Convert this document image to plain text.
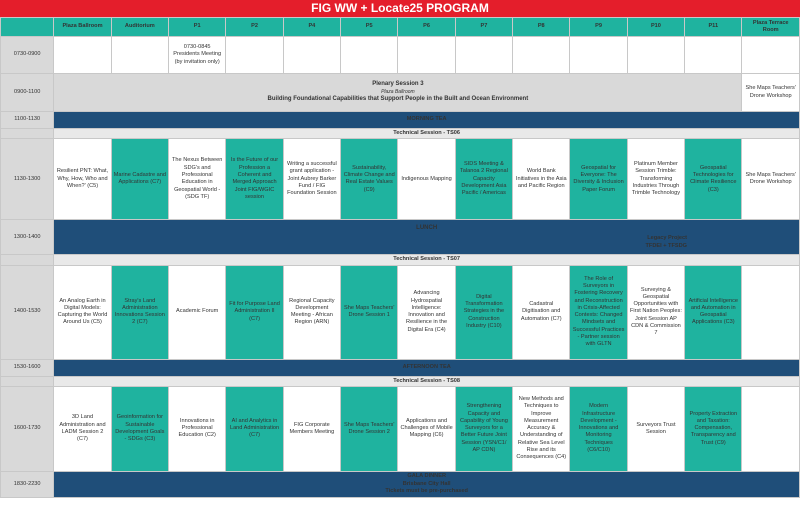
FIG WW + Locate25 PROGRAM
	Plaza Ballroom	Auditorium	P1	P2	P4	P5	P6	P7	P8	P9	P10	P11	Plaza Terrace Room
0730-0900			0730-0845 Presidents Meeting (by invitation only)										
0900-1100	Plenary Session 3
Plaza Ballroom
Building Foundational Capabilities that Support People in the Built and Ocean Environment												She Maps Teachers' Drone Workshop
1100-1130	MORNING TEA												
	Technical Session - TS06												
1130-1300	Resilient PNT: What, Why, How, Who and When?' (C5)	Marine Cadastre and Applications (C7)	The Nexus Between SDG's and Professional Education in Geospatial World - (SDG TF)	Is the Future of our Profession a Coherent and Merged Approach Joint FIG/WGIC session	Writing a successful grant application - Joint Aubrey Barker Fund / FIG Foundation Session	Sustainability, Climate Change and Real Estate Values (C9)	Indigenous Mapping	SIDS Meeting & Talanoa 2 Regional Capacity Development Asia Pacific / Americas	World Bank Initiatives in the Asia and Pacific Region	Geospatial for Everyone: The Diversity & Inclusion Paper Forum	Platinum Member Session Trimble: Transforming Industries Through Trimble Technology	Geospatial Technologies for Climate Resilience (C3)	She Maps Teachers' Drone Workshop
1300-1400	LUNCH
Legacy Project
TFDEI + TFSDG												

	Technical Session - TS07												
1400-1530	An Analog Earth in Digital Models: Capturing the World Around Us (C5)	Stray's Land Administration Innovations Session 2 (C7)	Academic Forum	Fit for Purpose Land Administration II (C7)	Regional Capacity Development Meeting - African Region (ARN)	She Maps Teachers' Drone Session 1	Advancing Hydrospatial Intelligence: Innovation and Resilience in the Digital Era (C4)	Digital Transformation Strategies in the Construction Industry (C10)	Cadastral Digitisation and Automation (C7)	The Role of Surveyors in Fostering Recovery and Reconstruction in Crisis-Affected Contexts: Changed Mindsets and Successful Practices - Partner session with GLTN	Surveying & Geospatial Opportunities with First Nation Peoples: Joint Session AP CDN & Commission 7	Artificial Intelligence and Automation in Geospatial Applications (C3)	
1530-1600	AFTERNOON TEA												
	Technical Session - TS08												
1600-1730	3D Land Administration and LADM Session 2 (C7)	Geoinformation for Sustainable Development Goals - SDGs (C3)	Innovations in Professional Education (C2)	AI and Analytics in Land Administration (C7)	FIG Corporate Members Meeting	She Maps Teachers' Drone Session 2	Applications and Challenges of Mobile Mapping (C6)	Strengthening Capacity and Capability of Young Surveyors for a Better Future Joint Session (YSN/C1/ AP CDN)	New Methods and Techniques to Improve Measurement Accuracy & Understanding of Relative Sea Level Rise and its Consequences (C4)	Modern Infrastructure Development - Innovations and Monitoring Techniques (C6/C10)	Surveyors Trust Session	Property Extraction and Taxation: Compensation, Transparency and Trust (C9)	
1830-2230	GALA DINNER
Brisbane City Hall
Tickets must be pre-purchased												
